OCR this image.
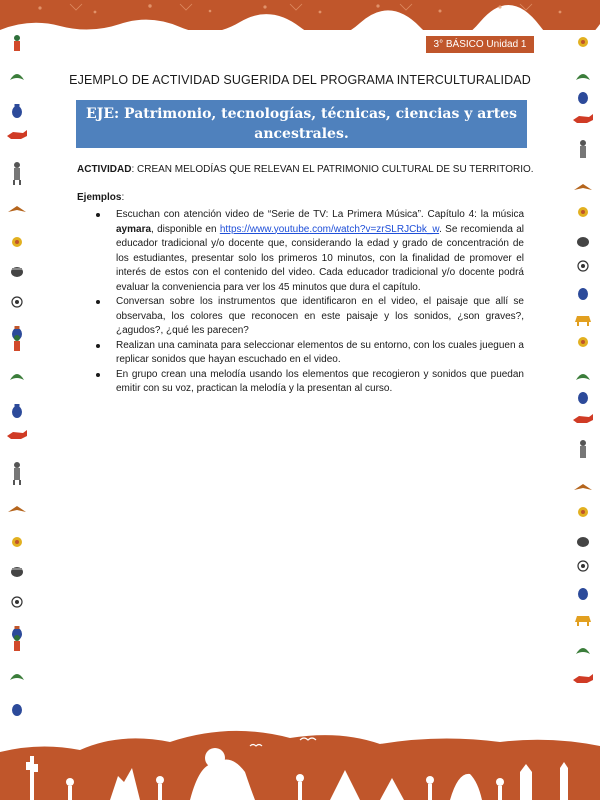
3° BÁSICO Unidad 1
EJEMPLO DE ACTIVIDAD SUGERIDA DEL PROGRAMA INTERCULTURALIDAD
EJE: Patrimonio, tecnologías, técnicas, ciencias y artes
ancestrales.
ACTIVIDAD: CREAN MELODÍAS QUE RELEVAN EL PATRIMONIO CULTURAL DE SU TERRITORIO.
Ejemplos:
Escuchan con atención video de “Serie de TV: La Primera Música”. Capítulo 4: la música aymara, disponible en https://www.youtube.com/watch?v=zrSLRJCbk_w. Se recomienda al educador tradicional y/o docente que, considerando la edad y grado de concentración de los estudiantes, presentar solo los primeros 10 minutos, con la finalidad de promover el interés de estos con el contenido del video. Cada educador tradicional y/o docente podrá evaluar la conveniencia para ver los 45 minutos que dura el capítulo.
Conversan sobre los instrumentos que identificaron en el video, el paisaje que allí se observaba, los colores que reconocen en este paisaje y los sonidos, ¿son graves?, ¿agudos?, ¿qué les parecen?
Realizan una caminata para seleccionar elementos de su entorno, con los cuales jueguen a replicar sonidos que hayan escuchado en el video.
En grupo crean una melodía usando los elementos que recogieron y sonidos que puedan emitir con su voz, practican la melodía y la presentan al curso.
